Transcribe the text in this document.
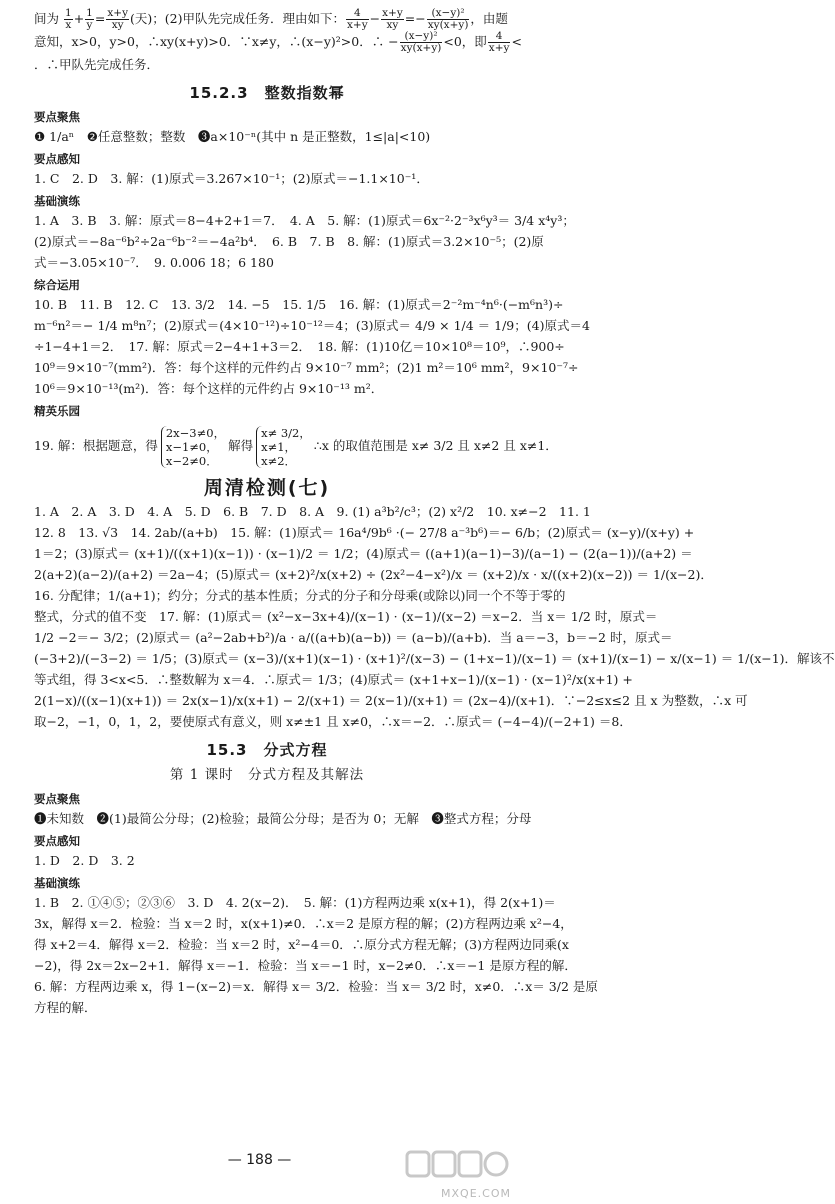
间为 $\frac{1}{x} + \frac{1}{y} = \frac{x+y}{xy}$ (天)；(2)甲队先完成任务．理由如下： $\frac{4}{x+y} - \frac{x+y}{xy} =- \frac{\text{(x−y)²}}{xy(x+y)}$ ，由题
意知，x>0，y>0，∴xy(x+y)>0．∵x≠y，∴(x−y)²>0．∴ − $\frac{\text{(x−y)²}}{xy(x+y)} <0$，即 $\frac{4}{x+y}$ <
．∴甲队先完成任务．
15.2.3　整数指数幂
要点聚焦
❶ 1/aⁿ　❷任意整数；整数　❸a×10⁻ⁿ(其中 n 是正整数，1≤|a|<10)
要点感知
1. C　2. D　3. 解：(1)原式＝3.267×10⁻¹；(2)原式＝−1.1×10⁻¹．
基础演练
1. A　3. B　3. 解：原式＝8−4+2+1＝7．　4. A　5. 解：(1)原式＝6x⁻²·2⁻³x⁶y³＝ 3/4 x⁴y³；
(2)原式＝−8a⁻⁶b²÷2a⁻⁶b⁻²＝−4a²b⁴．　6. B　7. B　8. 解：(1)原式＝3.2×10⁻⁵；(2)原
式＝−3.05×10⁻⁷．　9. 0.006 18；6 180
综合运用
10. B　11. B　12. C　13. 3/2　14. −5　15. 1/5　16. 解：(1)原式＝2⁻²m⁻⁴n⁶·(−m⁶n³)÷
m⁻⁶n²＝− 1/4 m⁸n⁷；(2)原式＝(4×10⁻¹²)÷10⁻¹²＝4；(3)原式＝ 4/9 × 1/4 ＝ 1/9；(4)原式＝4
÷1−4+1＝2．　17. 解：原式＝2−4+1+3＝2．　18. 解：(1)10亿＝10×10⁸＝10⁹，∴900÷
10⁹＝9×10⁻⁷(mm²)．答：每个这样的元件约占 9×10⁻⁷ mm²；(2)1 m²＝10⁶ mm²，9×10⁻⁷÷
10⁶＝9×10⁻¹³(m²)．答：每个这样的元件约占 9×10⁻¹³ m²．
精英乐园
19. 解：根据题意，得
2x−3≠0，
x−1≠0，
x−2≠0．
解得
x≠ 3/2，
x≠1，
x≠2．
∴x 的取值范围是 x≠ 3/2 且 x≠2 且 x≠1．
周清检测(七)
1. A　2. A　3. D　4. A　5. D　6. B　7. D　8. A　9. (1) a³b²/c³；(2) x²/2　10. x≠−2　11. 1
12. 8　13. √3　14. 2ab/(a+b)　15. 解：(1)原式＝ 16a⁴/9b⁶ ·(− 27/8 a⁻³b⁶)＝− 6/b；(2)原式＝ (x−y)/(x+y) +
1＝2；(3)原式＝ (x+1)/((x+1)(x−1)) · (x−1)/2 ＝ 1/2；(4)原式＝ ((a+1)(a−1)−3)/(a−1) − (2(a−1))/(a+2) ＝
2(a+2)(a−2)/(a+2) ＝2a−4；(5)原式＝ (x+2)²/x(x+2) ÷ (2x²−4−x²)/x ＝ (x+2)/x · x/((x+2)(x−2)) ＝ 1/(x−2)．
16. 分配律；1/(a+1)；约分；分式的基本性质；分式的分子和分母乘(或除以)同一个不等于零的
整式，分式的值不变　17. 解：(1)原式＝ (x²−x−3x+4)/(x−1) · (x−1)/(x−2) ＝x−2．当 x＝ 1/2 时，原式＝
1/2 −2＝− 3/2；(2)原式＝ (a²−2ab+b²)/a · a/((a+b)(a−b)) ＝ (a−b)/(a+b)．当 a＝−3，b＝−2 时，原式＝
(−3+2)/(−3−2) ＝ 1/5；(3)原式＝ (x−3)/(x+1)(x−1) · (x+1)²/(x−3) − (1+x−1)/(x−1) ＝ (x+1)/(x−1) − x/(x−1) ＝ 1/(x−1)．解该不
等式组，得 3<x<5．∴整数解为 x＝4．∴原式＝ 1/3；(4)原式＝ (x+1+x−1)/(x−1) · (x−1)²/x(x+1) +
2(1−x)/((x−1)(x+1)) ＝ 2x(x−1)/x(x+1) − 2/(x+1) ＝ 2(x−1)/(x+1) ＝ (2x−4)/(x+1)．∵−2≤x≤2 且 x 为整数，∴x 可
取−2，−1，0，1，2，要使原式有意义，则 x≠±1 且 x≠0，∴x＝−2．∴原式＝ (−4−4)/(−2+1) ＝8．
15.3　分式方程
第 1 课时　分式方程及其解法
要点聚焦
❶未知数　❷(1)最简公分母；(2)检验；最简公分母；是否为 0；无解　❸整式方程；分母
要点感知
1. D　2. D　3. 2
基础演练
1. B　2. ①④⑤；②③⑥　3. D　4. 2(x−2)．　5. 解：(1)方程两边乘 x(x+1)，得 2(x+1)＝
3x，解得 x＝2．检验：当 x＝2 时，x(x+1)≠0．∴x＝2 是原方程的解；(2)方程两边乘 x²−4，
得 x+2＝4．解得 x＝2．检验：当 x＝2 时，x²−4＝0．∴原分式方程无解；(3)方程两边同乘(x
−2)，得 2x＝2x−2+1．解得 x＝−1．检验：当 x＝−1 时，x−2≠0．∴x＝−1 是原方程的解．
6. 解：方程两边乘 x，得 1−(x−2)＝x．解得 x＝ 3/2．检验：当 x＝ 3/2 时，x≠0．∴x＝ 3/2 是原
方程的解．
— 188 —
MXQE.COM
